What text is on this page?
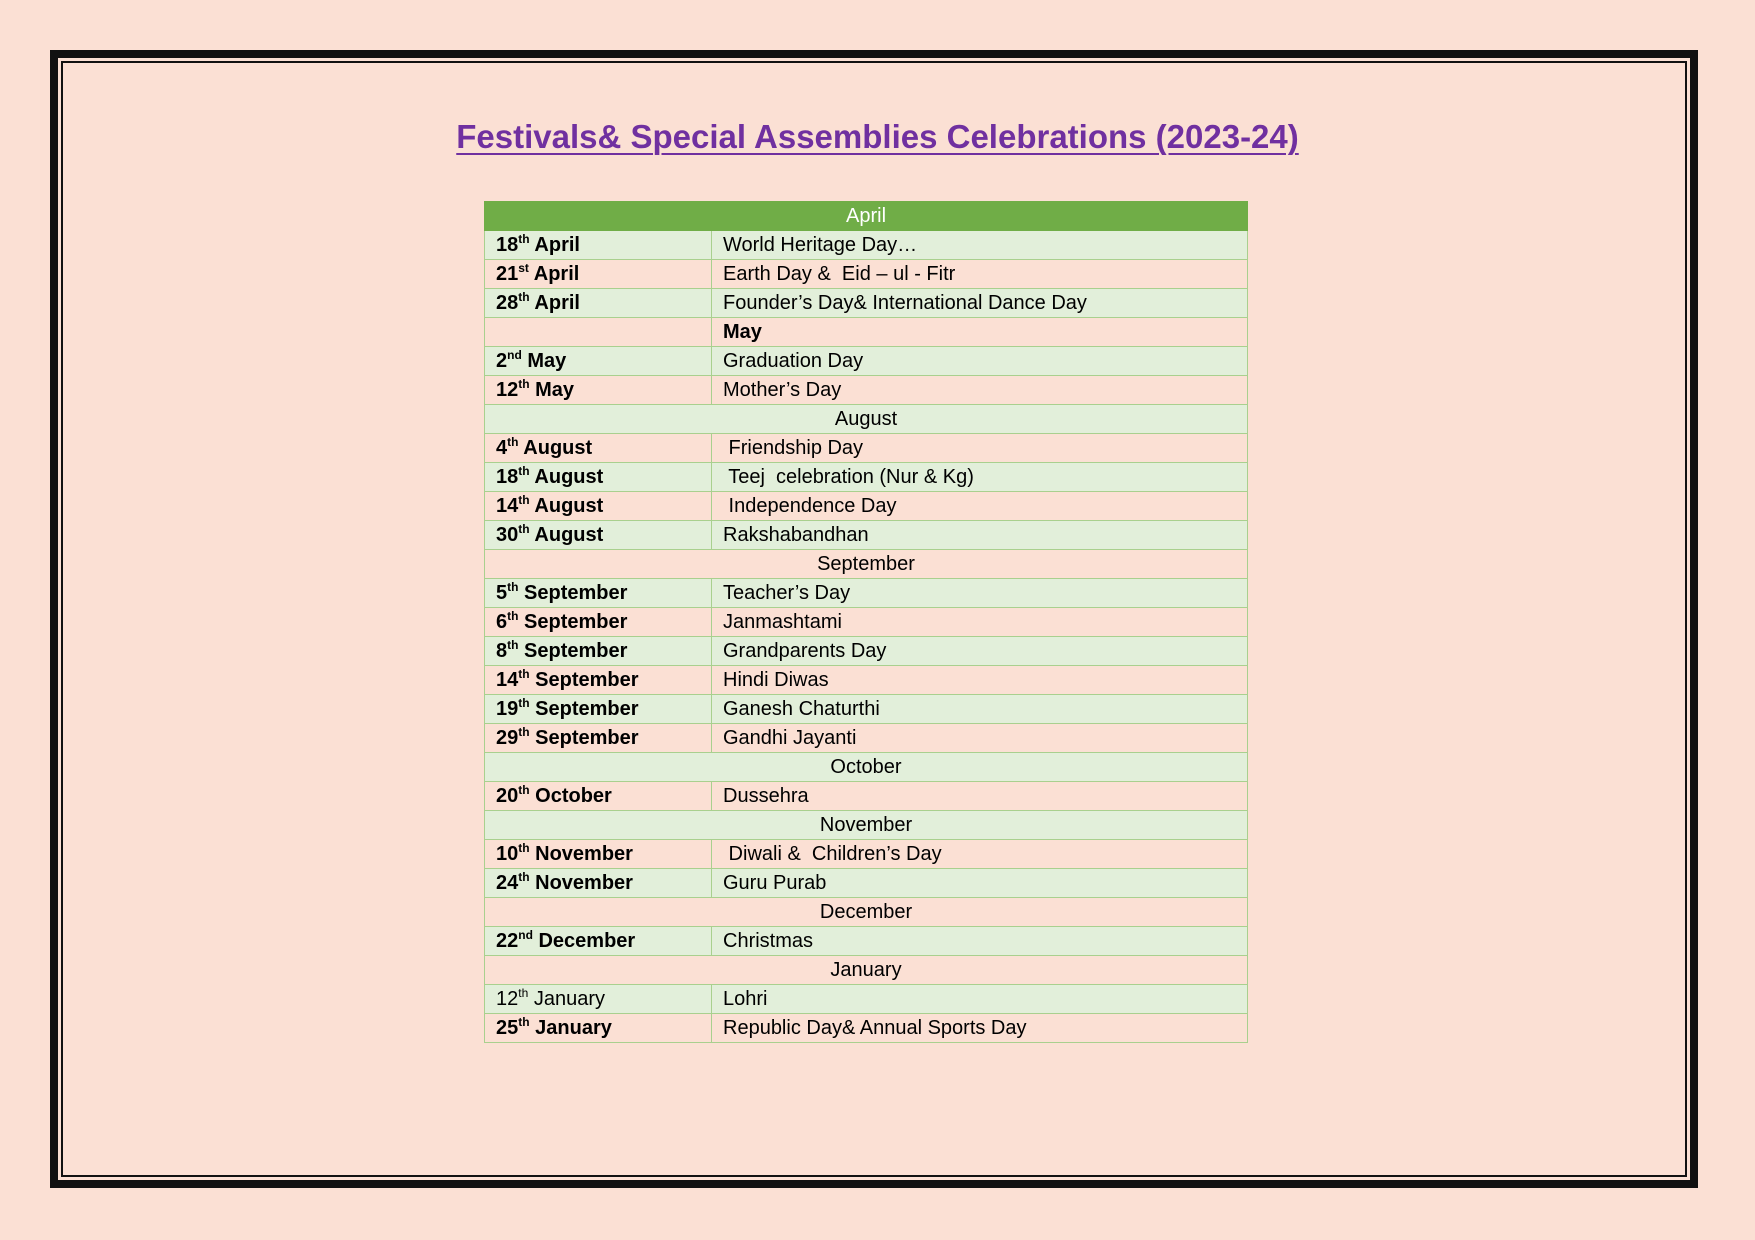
Festivals& Special Assemblies Celebrations (2023-24)
April	
18th April	World Heritage Day…
21st April	Earth Day &  Eid – ul - Fitr
28th April	Founder’s Day& International Dance Day
	May
2nd May	Graduation Day
12th May	Mother’s Day
August	
4th August	Friendship Day
18th August	Teej  celebration (Nur & Kg)
14th August	Independence Day
30th August	Rakshabandhan
September	
5th September	Teacher’s Day
6th September	Janmashtami
8th September	Grandparents Day
14th September	Hindi Diwas
19th September	Ganesh Chaturthi
29th September	Gandhi Jayanti
October	
20th October	Dussehra
November	
10th November	Diwali &  Children’s Day
24th November	Guru Purab
December	
22nd December	Christmas
January	
12th January	Lohri
25th January	Republic Day& Annual Sports Day
